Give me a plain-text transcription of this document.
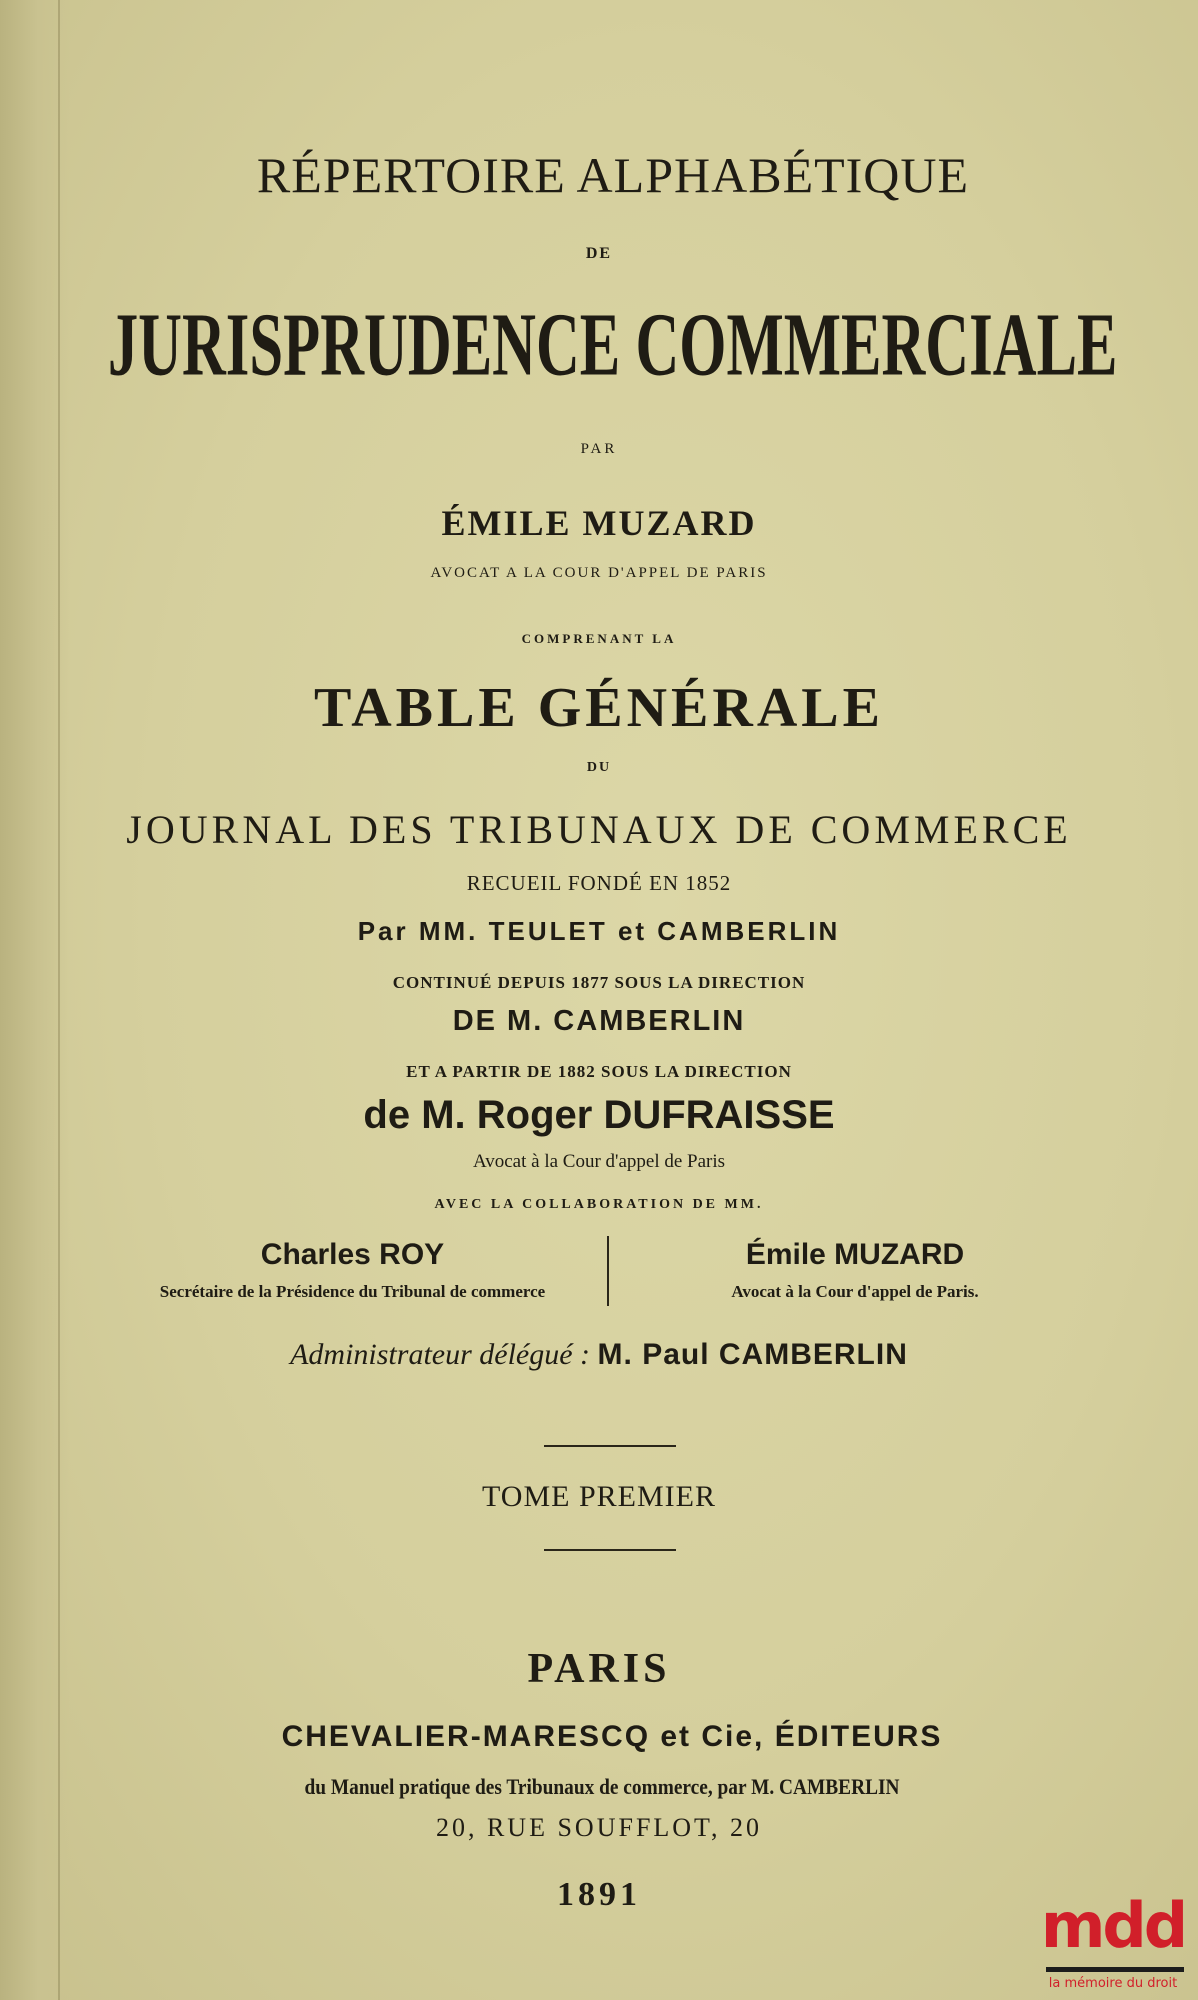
RÉPERTOIRE ALPHABÉTIQUE
DE
JURISPRUDENCE COMMERCIALE
PAR
ÉMILE MUZARD
AVOCAT A LA COUR D'APPEL DE PARIS
COMPRENANT LA
TABLE GÉNÉRALE
DU
JOURNAL DES TRIBUNAUX DE COMMERCE
RECUEIL FONDÉ EN 1852
Par MM. TEULET et CAMBERLIN
CONTINUÉ DEPUIS 1877 SOUS LA DIRECTION
DE M. CAMBERLIN
ET A PARTIR DE 1882 SOUS LA DIRECTION
de M. Roger DUFRAISSE
Avocat à la Cour d'appel de Paris
AVEC LA COLLABORATION DE MM.
Charles ROY
Secrétaire de la Présidence du Tribunal de commerce
Émile MUZARD
Avocat à la Cour d'appel de Paris.
Administrateur délégué : M. Paul CAMBERLIN
TOME PREMIER
PARIS
CHEVALIER-MARESCQ et Cie, ÉDITEURS
du Manuel pratique des Tribunaux de commerce, par M. CAMBERLIN
20, RUE SOUFFLOT, 20
1891	mdd
la mémoire du droit
